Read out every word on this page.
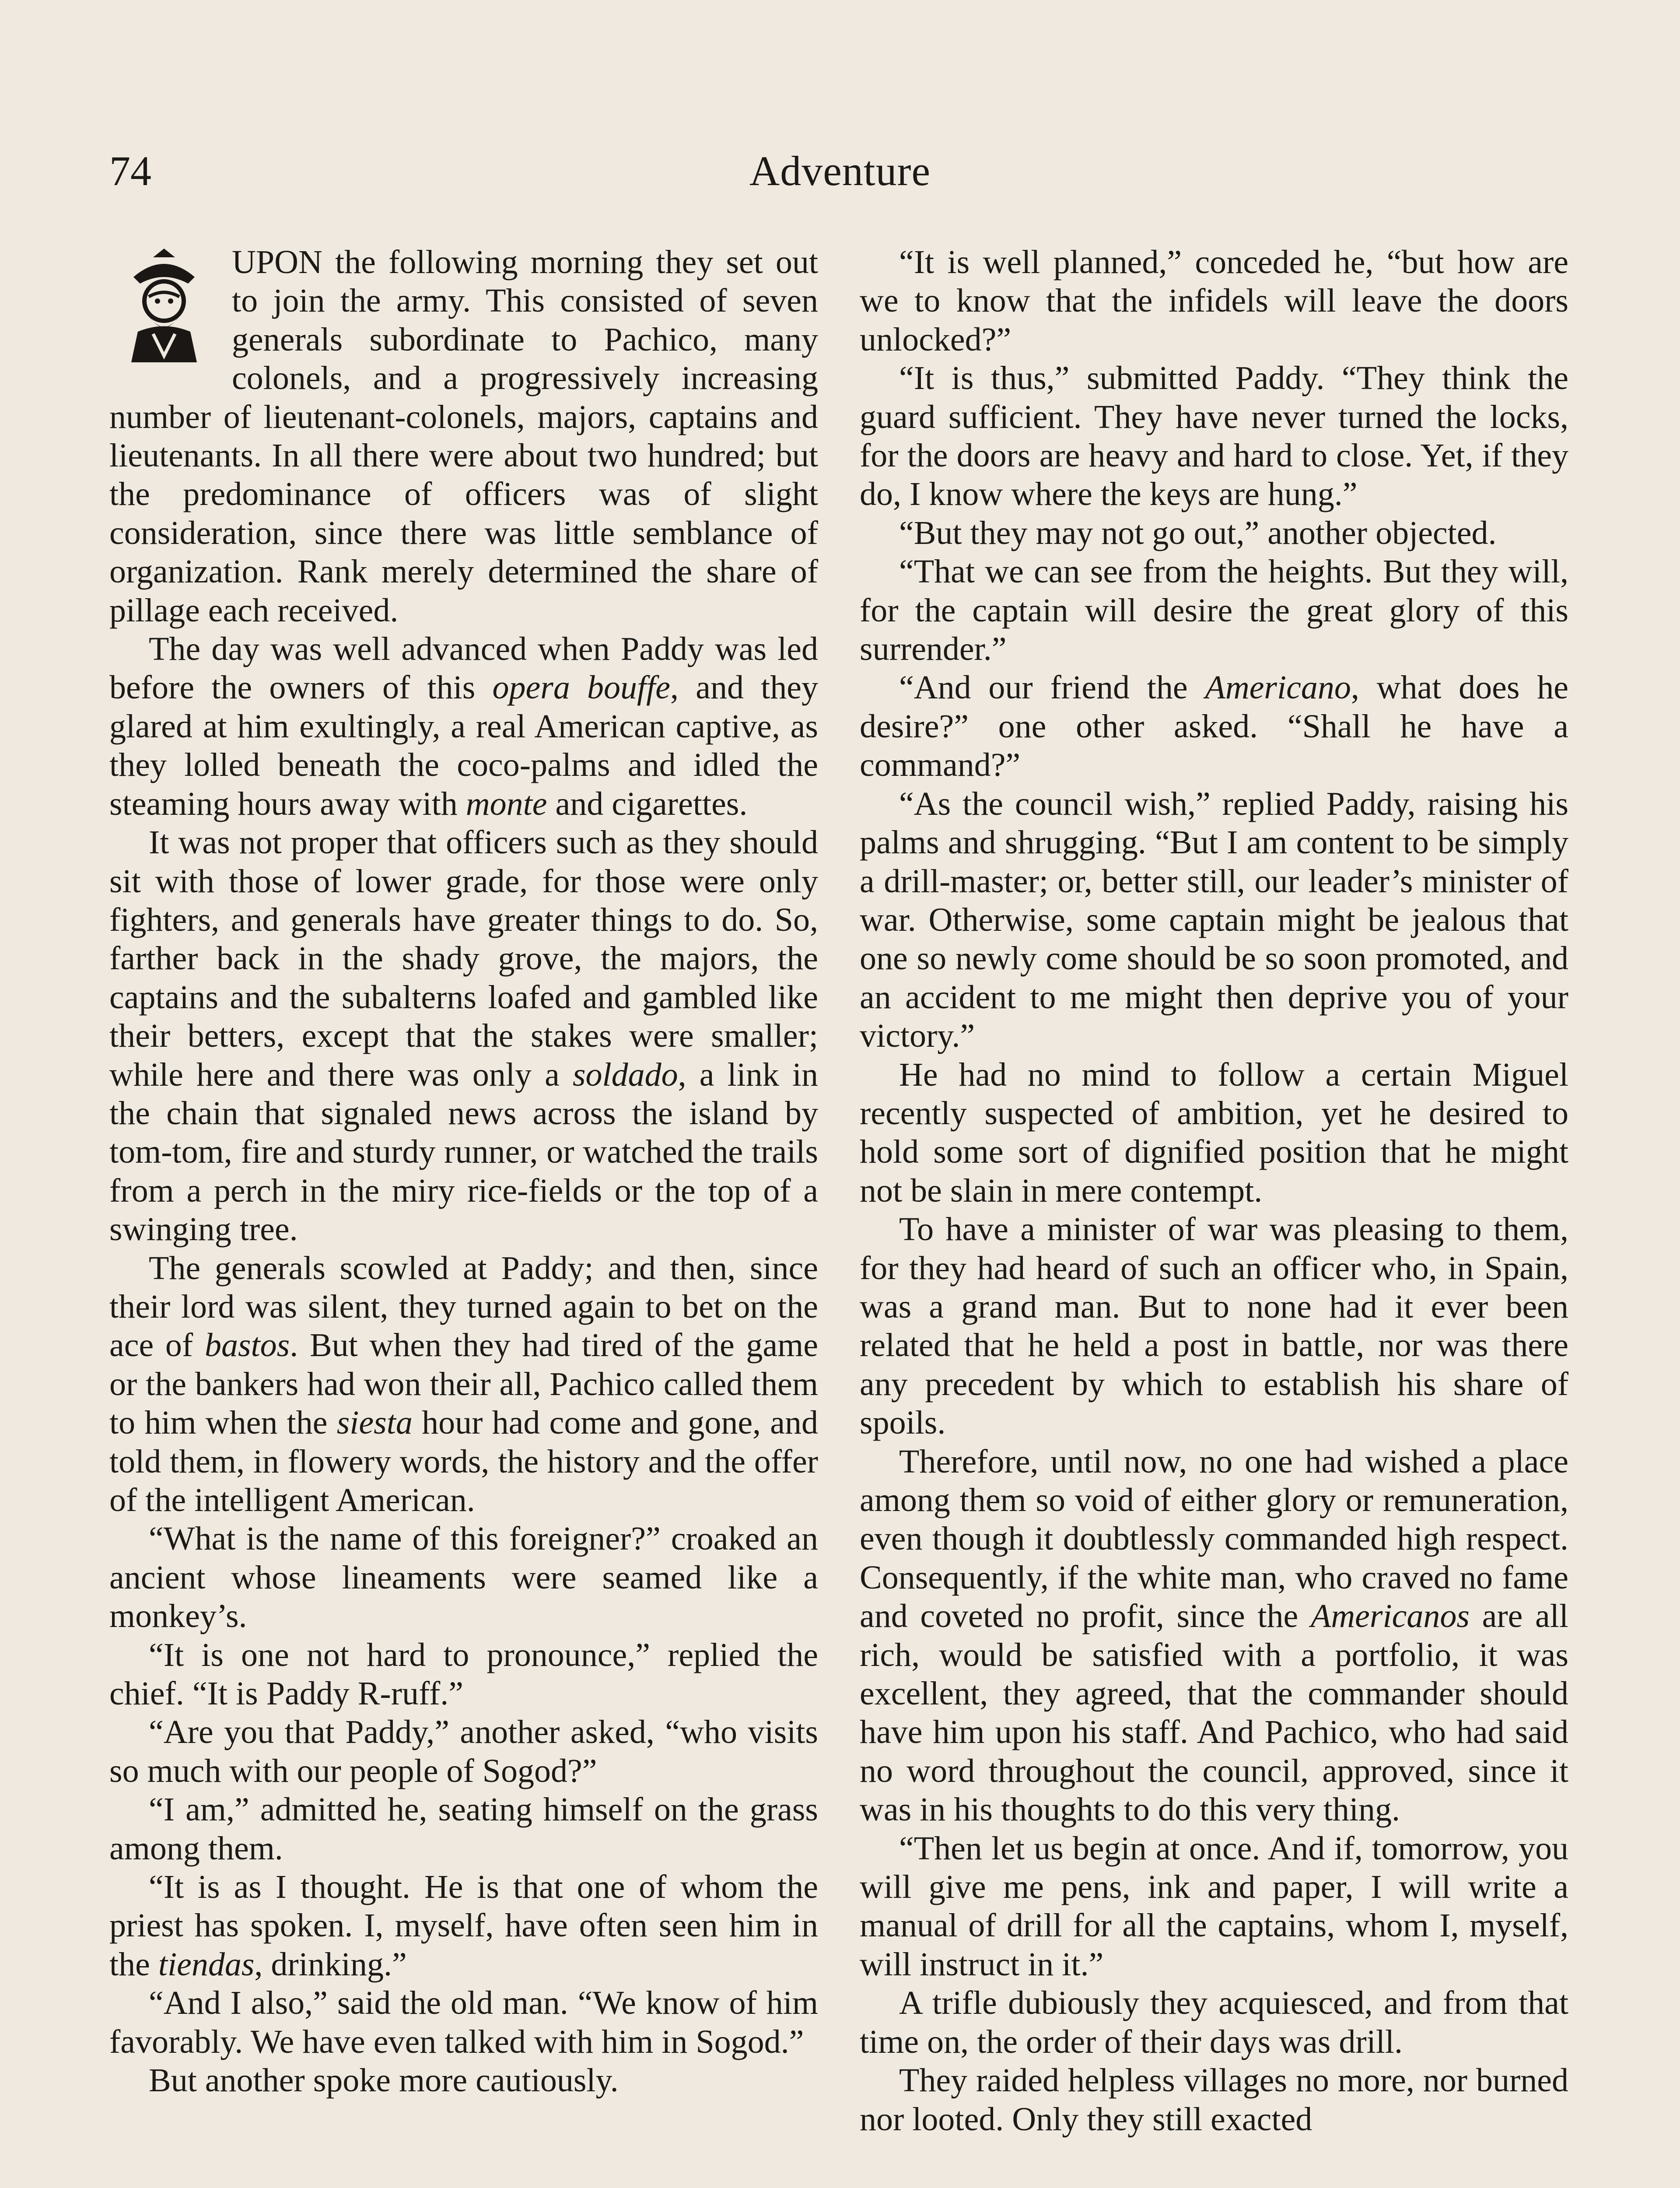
74	Adventure

UPON the following morning they set out to join the army. This consisted of seven generals subordinate to Pachico, many colonels, and a progressively increasing number of lieutenant-colonels, majors, captains and lieutenants. In all there were about two hundred; but the predominance of officers was of slight consideration, since there was little semblance of organization. Rank merely determined the share of pillage each received.

The day was well advanced when Paddy was led before the owners of this opera bouffe, and they glared at him exultingly, a real American captive, as they lolled beneath the coco-palms and idled the steaming hours away with monte and cigarettes.

It was not proper that officers such as they should sit with those of lower grade, for those were only fighters, and generals have greater things to do. So, farther back in the shady grove, the majors, the captains and the subalterns loafed and gambled like their betters, except that the stakes were smaller; while here and there was only a soldado, a link in the chain that signaled news across the island by tom-tom, fire and sturdy runner, or watched the trails from a perch in the miry rice-fields or the top of a swinging tree.

The generals scowled at Paddy; and then, since their lord was silent, they turned again to bet on the ace of bastos. But when they had tired of the game or the bankers had won their all, Pachico called them to him when the siesta hour had come and gone, and told them, in flowery words, the history and the offer of the intelligent American.

“What is the name of this foreigner?” croaked an ancient whose lineaments were seamed like a monkey’s.

“It is one not hard to pronounce,” replied the chief. “It is Paddy R-ruff.”

“Are you that Paddy,” another asked, “who visits so much with our people of Sogod?”

“I am,” admitted he, seating himself on the grass among them.

“It is as I thought. He is that one of whom the priest has spoken. I, myself, have often seen him in the tiendas, drinking.”

“And I also,” said the old man. “We know of him favorably. We have even talked with him in Sogod.”

But another spoke more cautiously.

“It is well planned,” conceded he, “but how are we to know that the infidels will leave the doors unlocked?”

“It is thus,” submitted Paddy. “They think the guard sufficient. They have never turned the locks, for the doors are heavy and hard to close. Yet, if they do, I know where the keys are hung.”

“But they may not go out,” another objected.

“That we can see from the heights. But they will, for the captain will desire the great glory of this surrender.”

“And our friend the Americano, what does he desire?” one other asked. “Shall he have a command?”

“As the council wish,” replied Paddy, raising his palms and shrugging. “But I am content to be simply a drill-master; or, better still, our leader’s minister of war. Otherwise, some captain might be jealous that one so newly come should be so soon promoted, and an accident to me might then deprive you of your victory.”

He had no mind to follow a certain Miguel recently suspected of ambition, yet he desired to hold some sort of dignified position that he might not be slain in mere contempt.

To have a minister of war was pleasing to them, for they had heard of such an officer who, in Spain, was a grand man. But to none had it ever been related that he held a post in battle, nor was there any precedent by which to establish his share of spoils.

Therefore, until now, no one had wished a place among them so void of either glory or remuneration, even though it doubtlessly commanded high respect. Consequently, if the white man, who craved no fame and coveted no profit, since the Americanos are all rich, would be satisfied with a portfolio, it was excellent, they agreed, that the commander should have him upon his staff. And Pachico, who had said no word throughout the council, approved, since it was in his thoughts to do this very thing.

“Then let us begin at once. And if, tomorrow, you will give me pens, ink and paper, I will write a manual of drill for all the captains, whom I, myself, will instruct in it.”

A trifle dubiously they acquiesced, and from that time on, the order of their days was drill.

They raided helpless villages no more, nor burned nor looted. Only they still exacted
